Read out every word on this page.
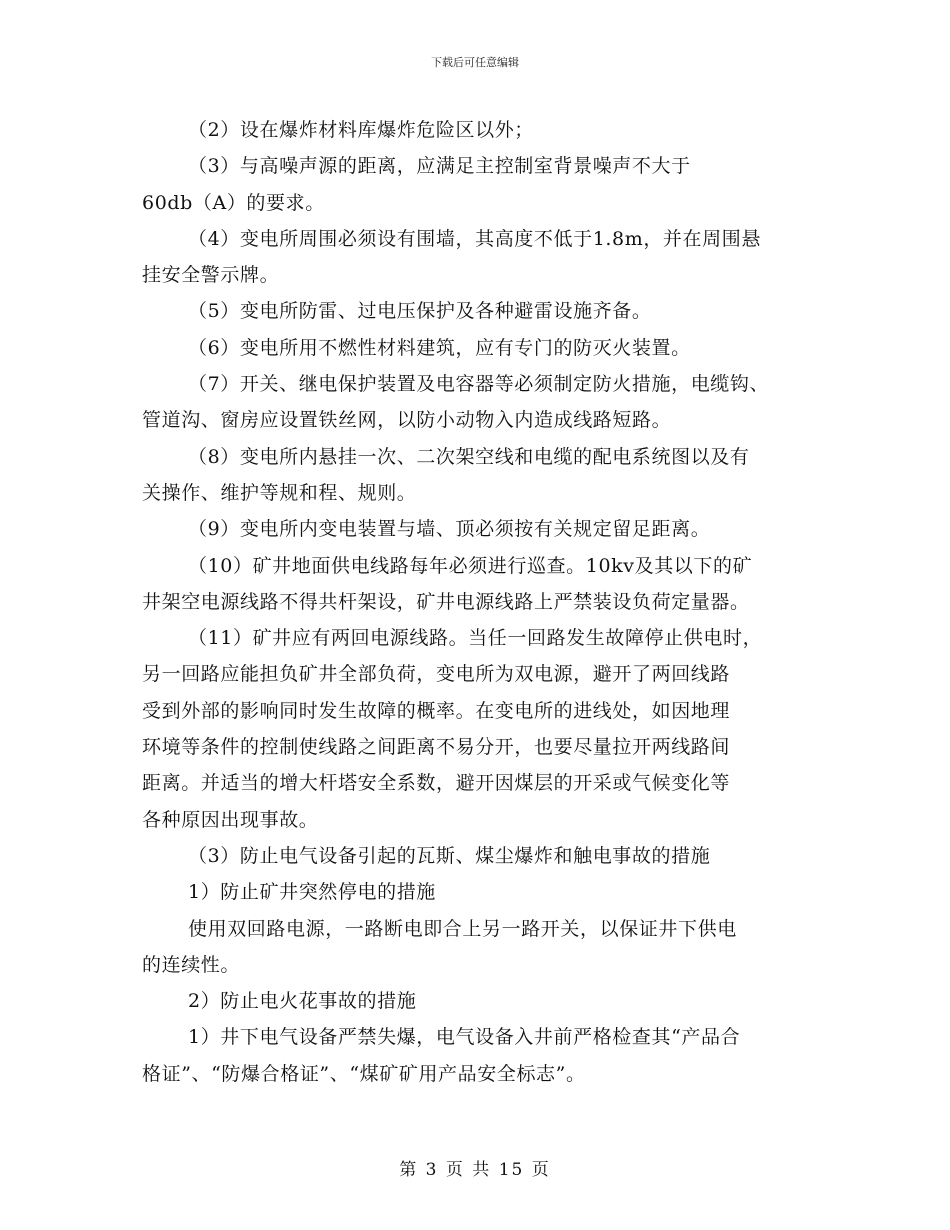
下载后可任意编辑
（2）设在爆炸材料库爆炸危险区以外；
（3）与高噪声源的距离，应满足主控制室背景噪声不大于
60db（A）的要求。
（4）变电所周围必须设有围墙，其高度不低于1.8m，并在周围悬
挂安全警示牌。
（5）变电所防雷、过电压保护及各种避雷设施齐备。
（6）变电所用不燃性材料建筑，应有专门的防灭火装置。
（7）开关、继电保护装置及电容器等必须制定防火措施，电缆钩、
管道沟、窗房应设置铁丝网，以防小动物入内造成线路短路。
（8）变电所内悬挂一次、二次架空线和电缆的配电系统图以及有
关操作、维护等规和程、规则。
（9）变电所内变电装置与墙、顶必须按有关规定留足距离。
（10）矿井地面供电线路每年必须进行巡查。10kv及其以下的矿
井架空电源线路不得共杆架设，矿井电源线路上严禁装设负荷定量器。
（11）矿井应有两回电源线路。当任一回路发生故障停止供电时，
另一回路应能担负矿井全部负荷，变电所为双电源，避开了两回线路
受到外部的影响同时发生故障的概率。在变电所的进线处，如因地理
环境等条件的控制使线路之间距离不易分开，也要尽量拉开两线路间
距离。并适当的增大杆塔安全系数，避开因煤层的开采或气候变化等
各种原因出现事故。
（3）防止电气设备引起的瓦斯、煤尘爆炸和触电事故的措施
1）防止矿井突然停电的措施
使用双回路电源，一路断电即合上另一路开关，以保证井下供电
的连续性。
2）防止电火花事故的措施
1）井下电气设备严禁失爆，电气设备入井前严格检查其“产品合
格证”、“防爆合格证”、“煤矿矿用产品安全标志”。
第 3 页 共 15 页
